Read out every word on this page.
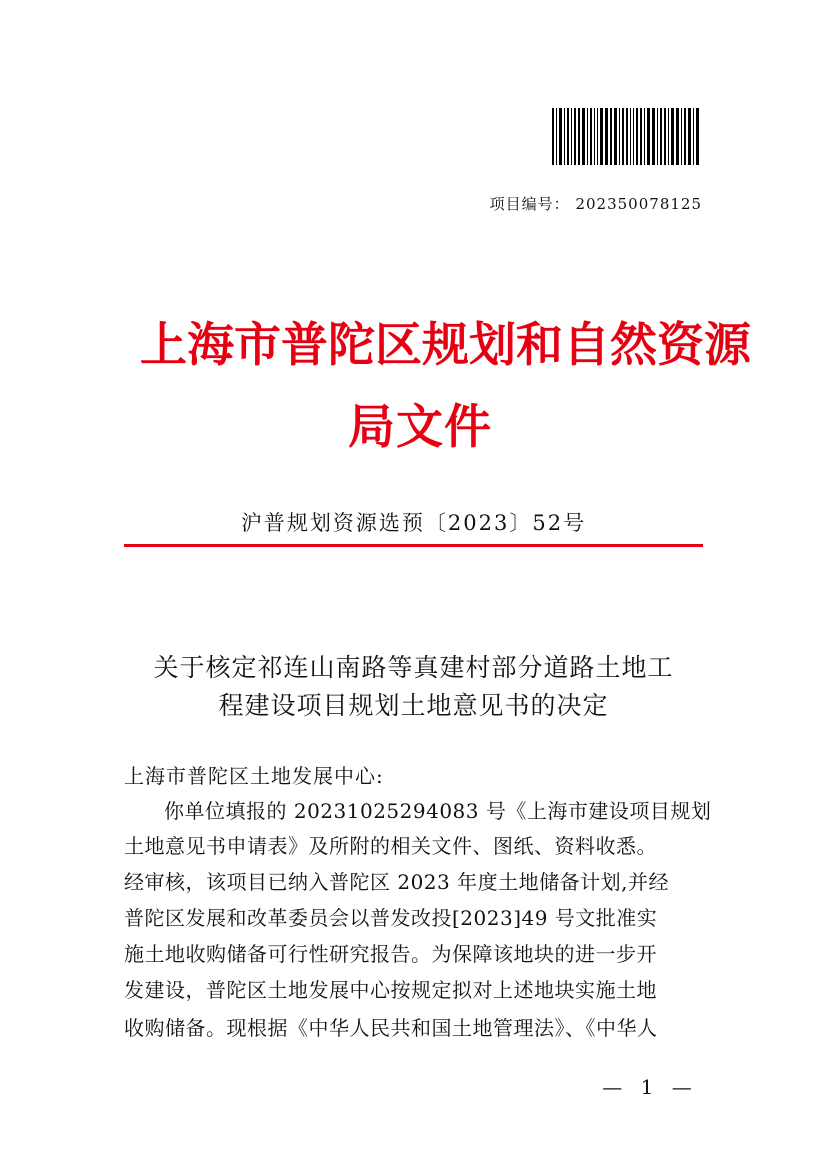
项目编号： 202350078125
上海市普陀区规划和自然资源
局文件
沪普规划资源选预〔2023〕52号
关于核定祁连山南路等真建村部分道路土地工
程建设项目规划土地意见书的决定
上海市普陀区土地发展中心:
你单位填报的 20231025294083 号《上海市建设项目规划
土地意见书申请表》及所附的相关文件、图纸、资料收悉。
经审核，该项目已纳入普陀区 2023 年度土地储备计划,并经
普陀区发展和改革委员会以普发改投[2023]49 号文批准实
施土地收购储备可行性研究报告。为保障该地块的进一步开
发建设，普陀区土地发展中心按规定拟对上述地块实施土地
收购储备。现根据《中华人民共和国土地管理法》、《中华人
— 1 —
